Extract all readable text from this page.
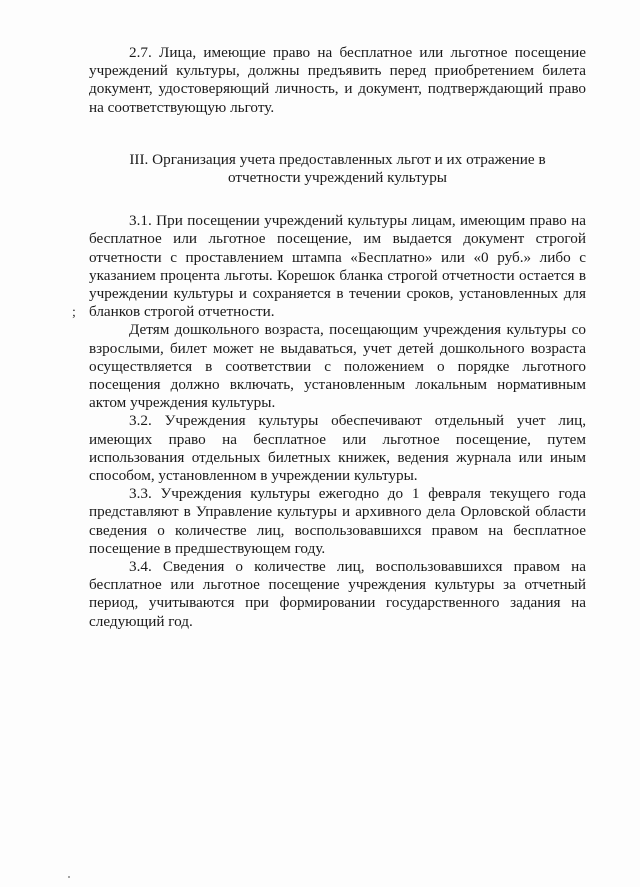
2.7. Лица, имеющие право на бесплатное или льготное посещение учреждений культуры, должны предъявить перед приобретением билета документ, удостоверяющий личность, и документ, подтверждающий право на соответствующую льготу.

III. Организация учета предоставленных льгот и их отражение в отчетности учреждений культуры

3.1. При посещении учреждений культуры лицам, имеющим право на бесплатное или льготное посещение, им выдается документ строгой отчетности с проставлением штампа «Бесплатно» или «0 руб.» либо с указанием процента льготы. Корешок бланка строгой отчетности остается в учреждении культуры и сохраняется в течении сроков, установленных для бланков строгой отчетности.

Детям дошкольного возраста, посещающим учреждения культуры со взрослыми, билет может не выдаваться, учет детей дошкольного возраста осуществляется в соответствии с положением о порядке льготного посещения должно включать, установленным локальным нормативным актом учреждения культуры.

3.2. Учреждения культуры обеспечивают отдельный учет лиц, имеющих право на бесплатное или льготное посещение, путем использования отдельных билетных книжек, ведения журнала или иным способом, установленном в учреждении культуры.

3.3. Учреждения культуры ежегодно до 1 февраля текущего года представляют в Управление культуры и архивного дела Орловской области сведения о количестве лиц, воспользовавшихся правом на бесплатное посещение в предшествующем году.

3.4. Сведения о количестве лиц, воспользовавшихся правом на бесплатное или льготное посещение учреждения культуры за отчетный период, учитываются при формировании государственного задания на следующий год.

;
